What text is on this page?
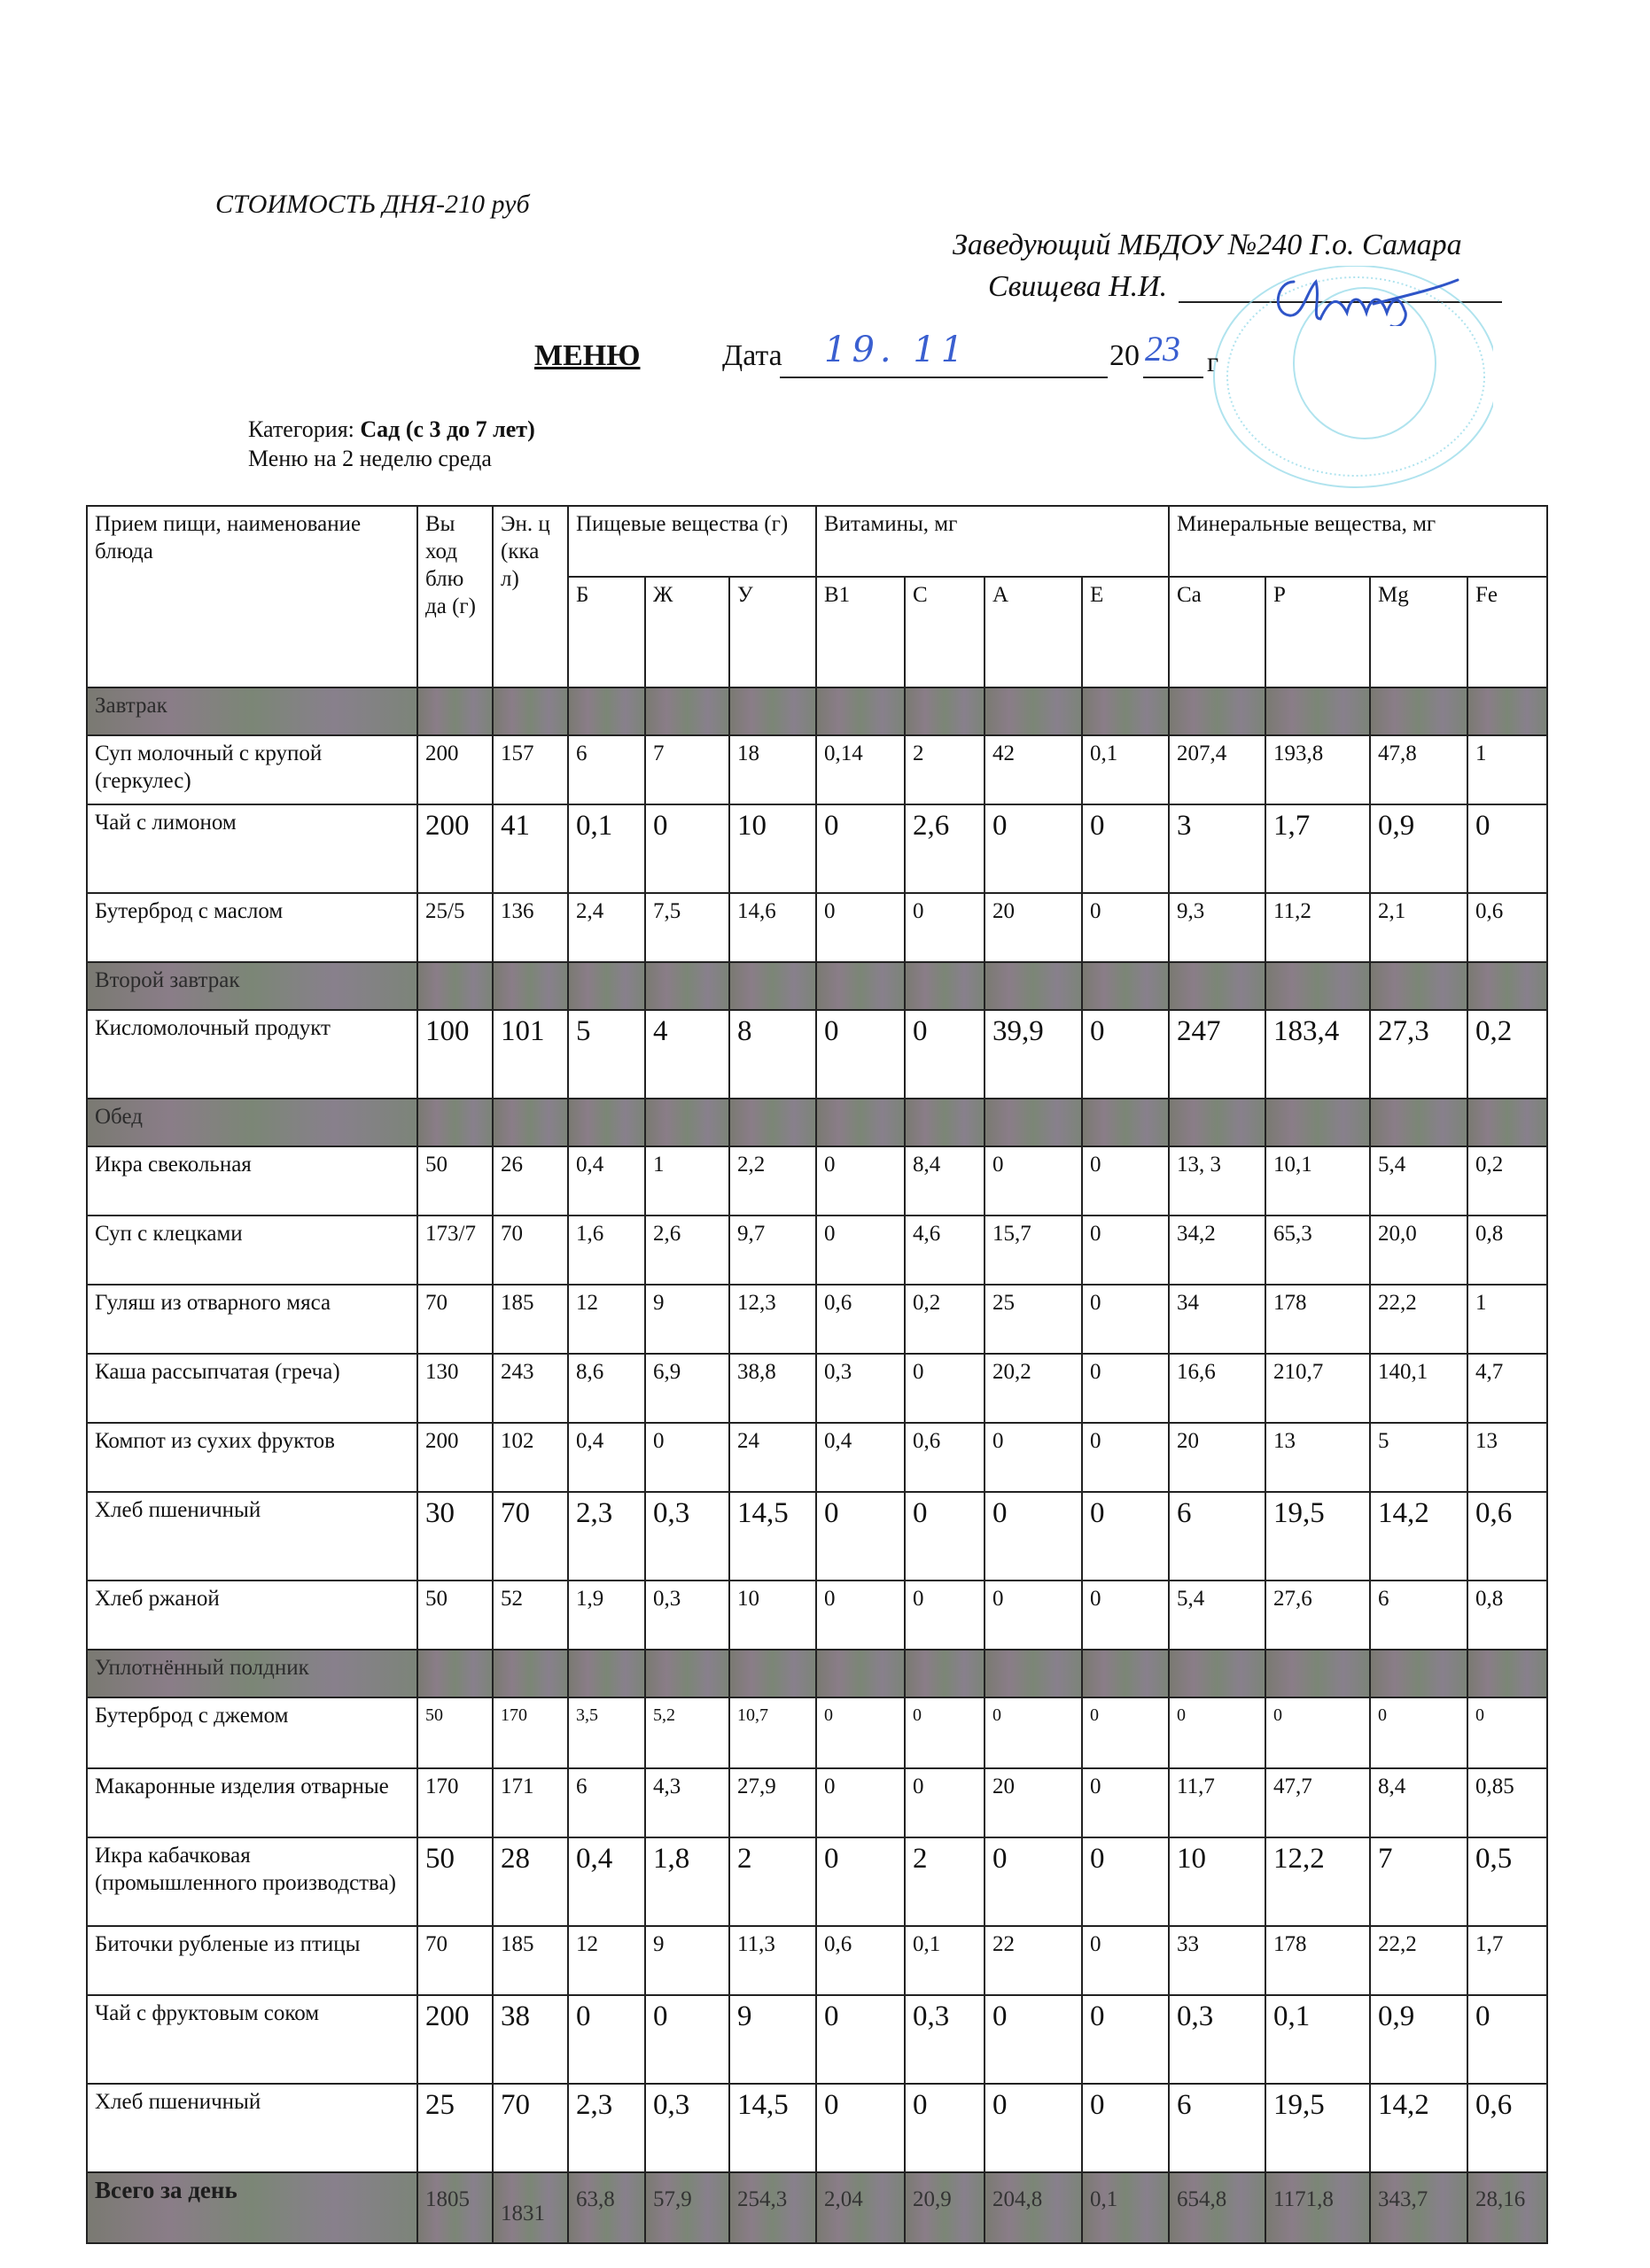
СТОИМОСТЬ ДНЯ-210 руб
Заведующий МБДОУ №240 Г.о. Самара
Свищева Н.И.
МЕНЮ	Дата 19. 11	20 23 г
Категория: Сад (с 3 до 7 лет)
Меню на 2 неделю среда
Прием пищи, наименование блюда	Вы ход блю да (г)	Эн. ц (кка л)	Пищевые вещества (г)			Витамины, мг				Минеральные вещества, мг			
			Б	Ж	У	B1	C	A	E	Ca	P	Mg	Fe
Завтрак													
Суп молочный с крупой (геркулес)	200	157	6	7	18	0,14	2	42	0,1	207,4	193,8	47,8	1
Чай с лимоном	200	41	0,1	0	10	0	2,6	0	0	3	1,7	0,9	0
Бутерброд с маслом	25/5	136	2,4	7,5	14,6	0	0	20	0	9,3	11,2	2,1	0,6
Второй завтрак													
Кисломолочный продукт	100	101	5	4	8	0	0	39,9	0	247	183,4	27,3	0,2
Обед													
Икра свекольная	50	26	0,4	1	2,2	0	8,4	0	0	13, 3	10,1	5,4	0,2
Суп с клецками	173/7	70	1,6	2,6	9,7	0	4,6	15,7	0	34,2	65,3	20,0	0,8
Гуляш из отварного мяса	70	185	12	9	12,3	0,6	0,2	25	0	34	178	22,2	1
Каша рассыпчатая (греча)	130	243	8,6	6,9	38,8	0,3	0	20,2	0	16,6	210,7	140,1	4,7
Компот из сухих фруктов	200	102	0,4	0	24	0,4	0,6	0	0	20	13	5	13
Хлеб пшеничный	30	70	2,3	0,3	14,5	0	0	0	0	6	19,5	14,2	0,6
Хлеб ржаной	50	52	1,9	0,3	10	0	0	0	0	5,4	27,6	6	0,8
Уплотнённый полдник													
Бутерброд с джемом	50	170	3,5	5,2	10,7	0	0	0	0	0	0	0	0
Макаронные изделия отварные	170	171	6	4,3	27,9	0	0	20	0	11,7	47,7	8,4	0,85
Икра кабачковая (промышленного производства)	50	28	0,4	1,8	2	0	2	0	0	10	12,2	7	0,5
Биточки рубленые из птицы	70	185	12	9	11,3	0,6	0,1	22	0	33	178	22,2	1,7
Чай с фруктовым соком	200	38	0	0	9	0	0,3	0	0	0,3	0,1	0,9	0
Хлеб пшеничный	25	70	2,3	0,3	14,5	0	0	0	0	6	19,5	14,2	0,6
Всего за день	1805	1831	63,8	57,9	254,3	2,04	20,9	204,8	0,1	654,8	1171,8	343,7	28,16
